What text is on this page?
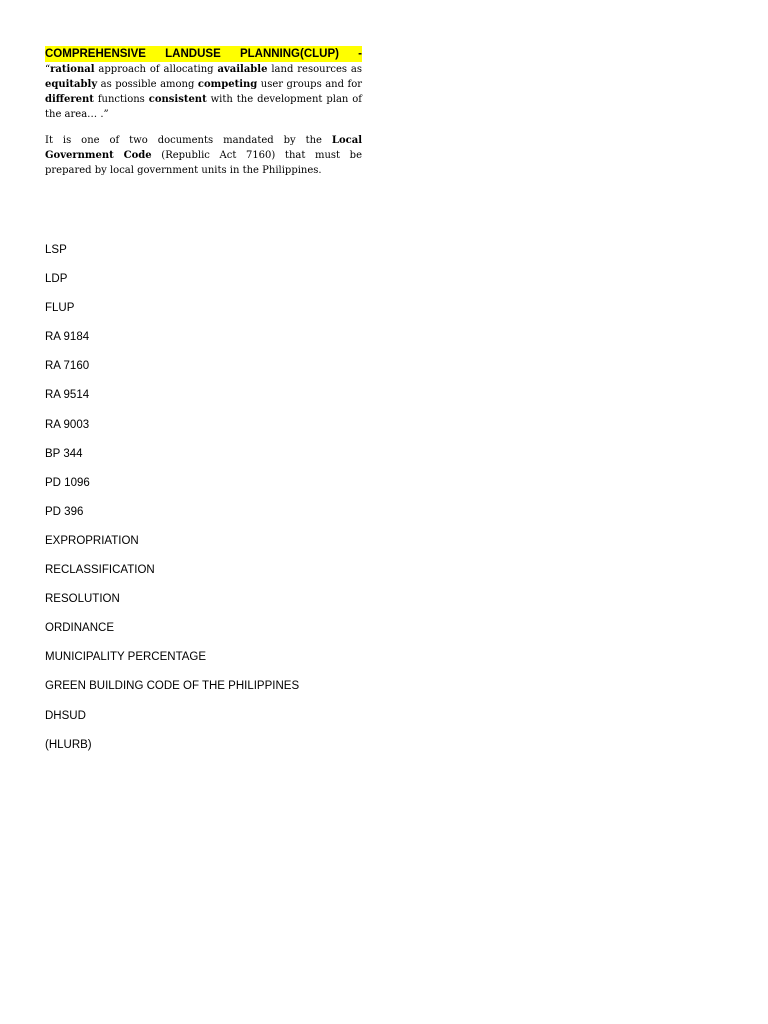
COMPREHENSIVE LANDUSE PLANNING(CLUP) -
“rational approach of allocating available land resources as equitably as possible among competing user groups and for different functions consistent with the development plan of the area… .”

It is one of two documents mandated by the Local Government Code (Republic Act 7160) that must be prepared by local government units in the Philippines.

LSP
LDP
FLUP
RA 9184
RA 7160
RA 9514
RA 9003
BP 344
PD 1096
PD 396
EXPROPRIATION
RECLASSIFICATION
RESOLUTION
ORDINANCE
MUNICIPALITY PERCENTAGE
GREEN BUILDING CODE OF THE PHILIPPINES
DHSUD
(HLURB)
